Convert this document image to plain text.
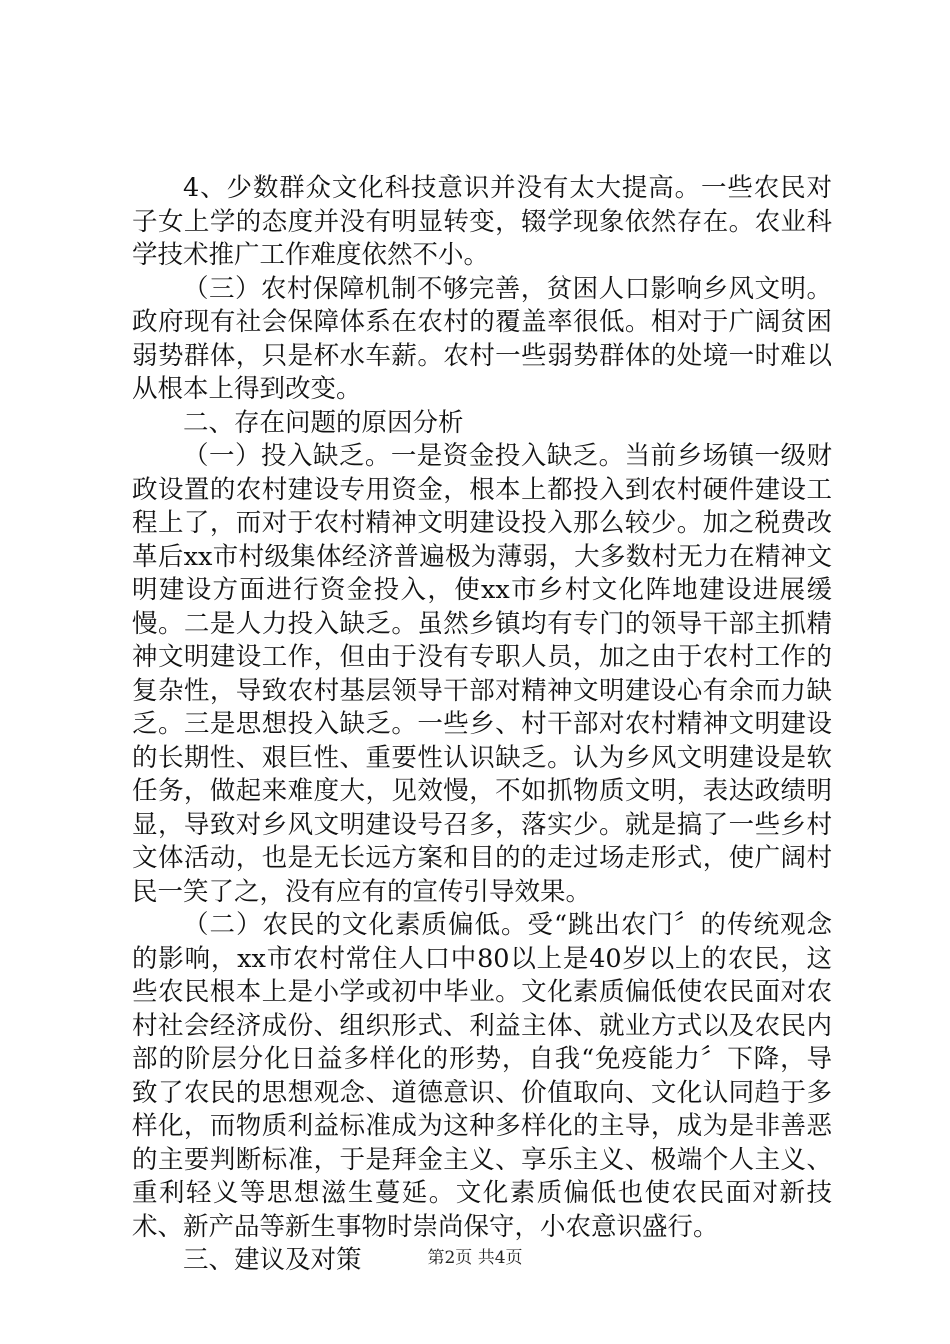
4、少数群众文化科技意识并没有太大提高。一些农民对子女上学的态度并没有明显转变，辍学现象依然存在。农业科学技术推广工作难度依然不小。

（三）农村保障机制不够完善，贫困人口影响乡风文明。政府现有社会保障体系在农村的覆盖率很低。相对于广阔贫困弱势群体，只是杯水车薪。农村一些弱势群体的处境一时难以从根本上得到改变。

二、存在问题的原因分析

（一）投入缺乏。一是资金投入缺乏。当前乡场镇一级财政设置的农村建设专用资金，根本上都投入到农村硬件建设工程上了，而对于农村精神文明建设投入那么较少。加之税费改革后xx市村级集体经济普遍极为薄弱，大多数村无力在精神文明建设方面进行资金投入，使xx市乡村文化阵地建设进展缓慢。二是人力投入缺乏。虽然乡镇均有专门的领导干部主抓精神文明建设工作，但由于没有专职人员，加之由于农村工作的复杂性，导致农村基层领导干部对精神文明建设心有余而力缺乏。三是思想投入缺乏。一些乡、村干部对农村精神文明建设的长期性、艰巨性、重要性认识缺乏。认为乡风文明建设是软任务，做起来难度大，见效慢，不如抓物质文明，表达政绩明显，导致对乡风文明建设号召多，落实少。就是搞了一些乡村文体活动，也是无长远方案和目的的走过场走形式，使广阔村民一笑了之，没有应有的宣传引导效果。

（二）农民的文化素质偏低。受“跳出农门〞的传统观念的影响，xx市农村常住人口中80以上是40岁以上的农民，这些农民根本上是小学或初中毕业。文化素质偏低使农民面对农村社会经济成份、组织形式、利益主体、就业方式以及农民内部的阶层分化日益多样化的形势，自我“免疫能力〞下降，导致了农民的思想观念、道德意识、价值取向、文化认同趋于多样化，而物质利益标准成为这种多样化的主导，成为是非善恶的主要判断标准，于是拜金主义、享乐主义、极端个人主义、重利轻义等思想滋生蔓延。文化素质偏低也使农民面对新技术、新产品等新生事物时崇尚保守，小农意识盛行。

三、建议及对策	第2页 共4页
